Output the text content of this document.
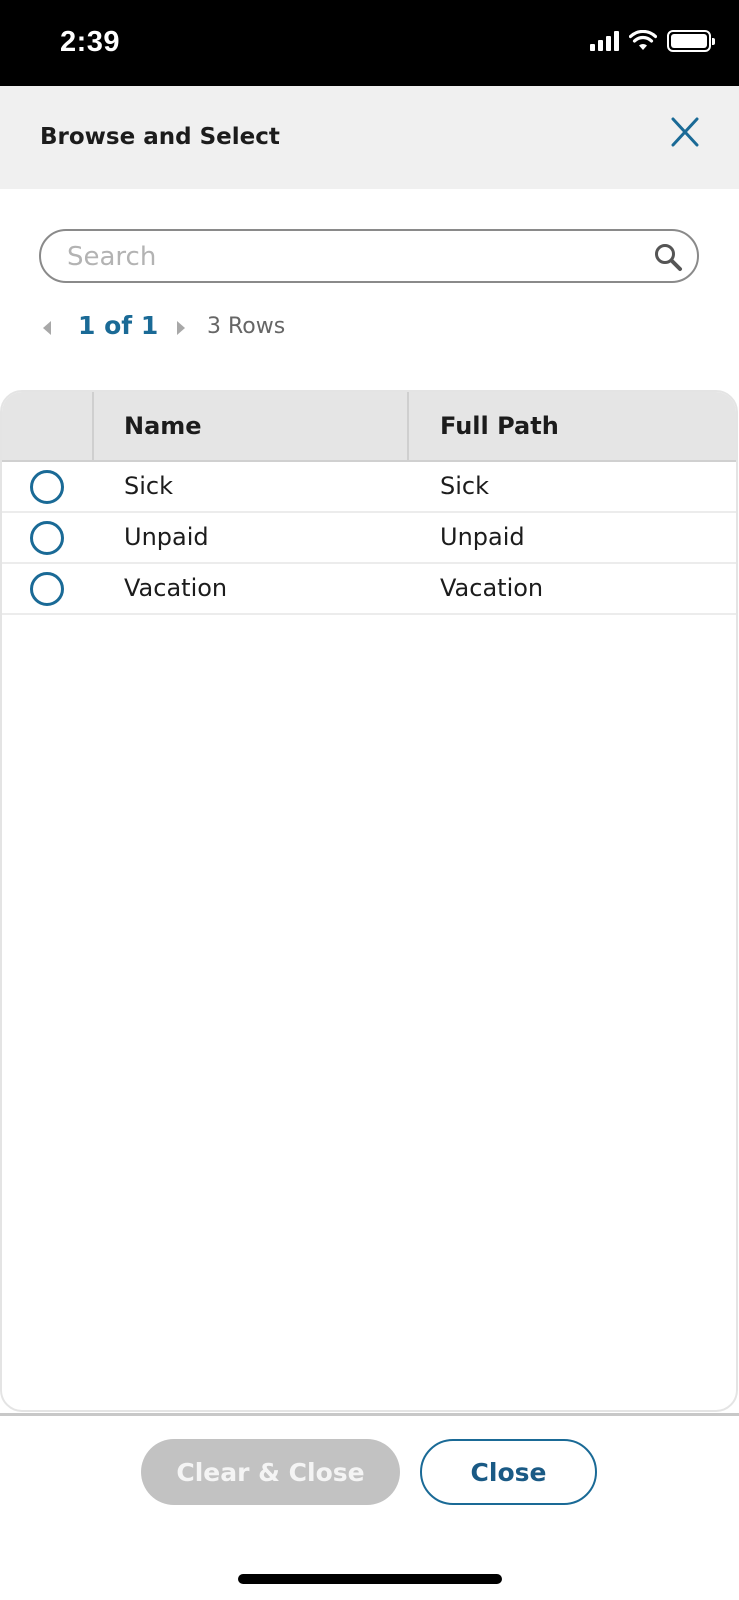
2:39
Browse and Select
Search
1 of 1 3 Rows
Name	Full Path
Sick	Sick
Unpaid	Unpaid
Vacation	Vacation
Clear & Close	Close
